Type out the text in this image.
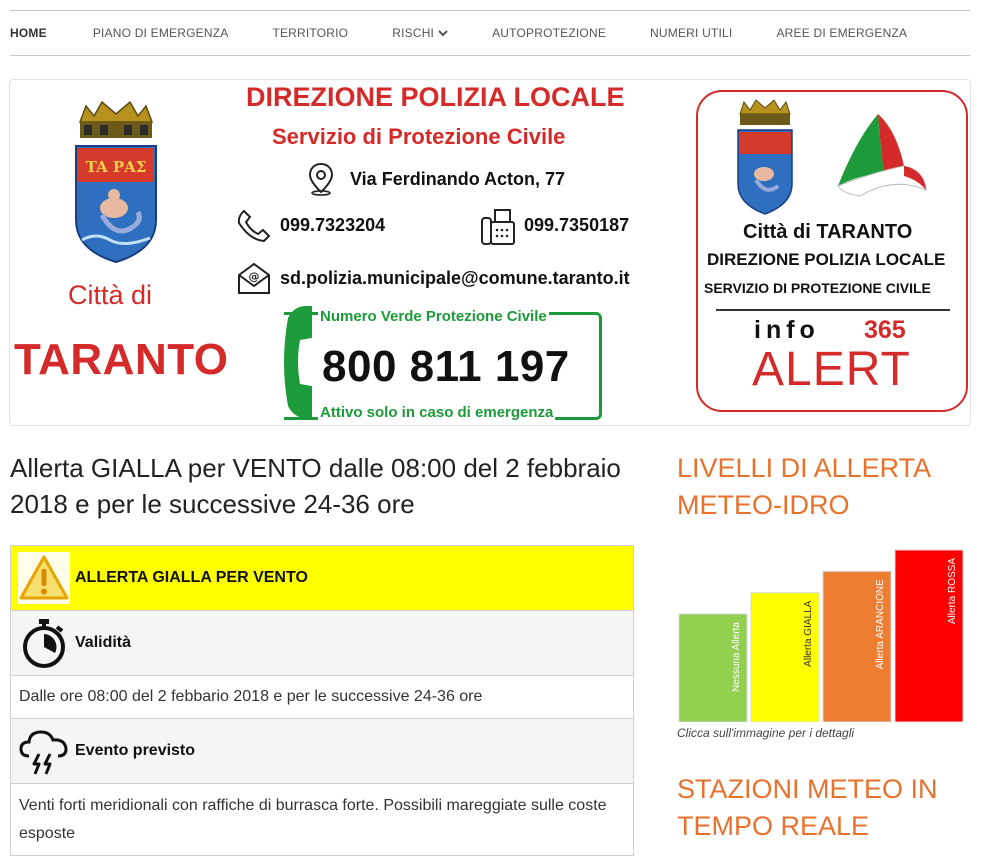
HOME	PIANO DI EMERGENZA	TERRITORIO	RISCHI	AUTOPROTEZIONE	NUMERI UTILI	AREE DI EMERGENZA
TA ΡΑΣ
Città di
TARANTO
DIREZIONE POLIZIA LOCALE
Servizio di Protezione Civile
Via Ferdinando Acton, 77
099.7323204	099.7350187
@ sd.polizia.municipale@comune.taranto.it
Numero Verde Protezione Civile
800 811 197
Attivo solo in caso di emergenza
Città di TARANTO
DIREZIONE POLIZIA LOCALE
SERVIZIO DI PROTEZIONE CIVILE
info 365
ALERT
Allerta GIALLA per VENTO dalle 08:00 del 2 febbraio 2018 e per le successive 24-36 ore
ALLERTA GIALLA PER VENTO
Validità
Dalle ore 08:00 del 2 febbario 2018 e per le successive 24-36 ore
Evento previsto
Venti forti meridionali con raffiche di burrasca forte. Possibili mareggiate sulle coste esposte
LIVELLI DI ALLERTA METEO-IDRO
Nessuna Allerta	Allerta GIALLA	Allerta ARANCIONE	Allerta ROSSA
Clicca sull'immagine per i dettagli
STAZIONI METEO IN TEMPO REALE
